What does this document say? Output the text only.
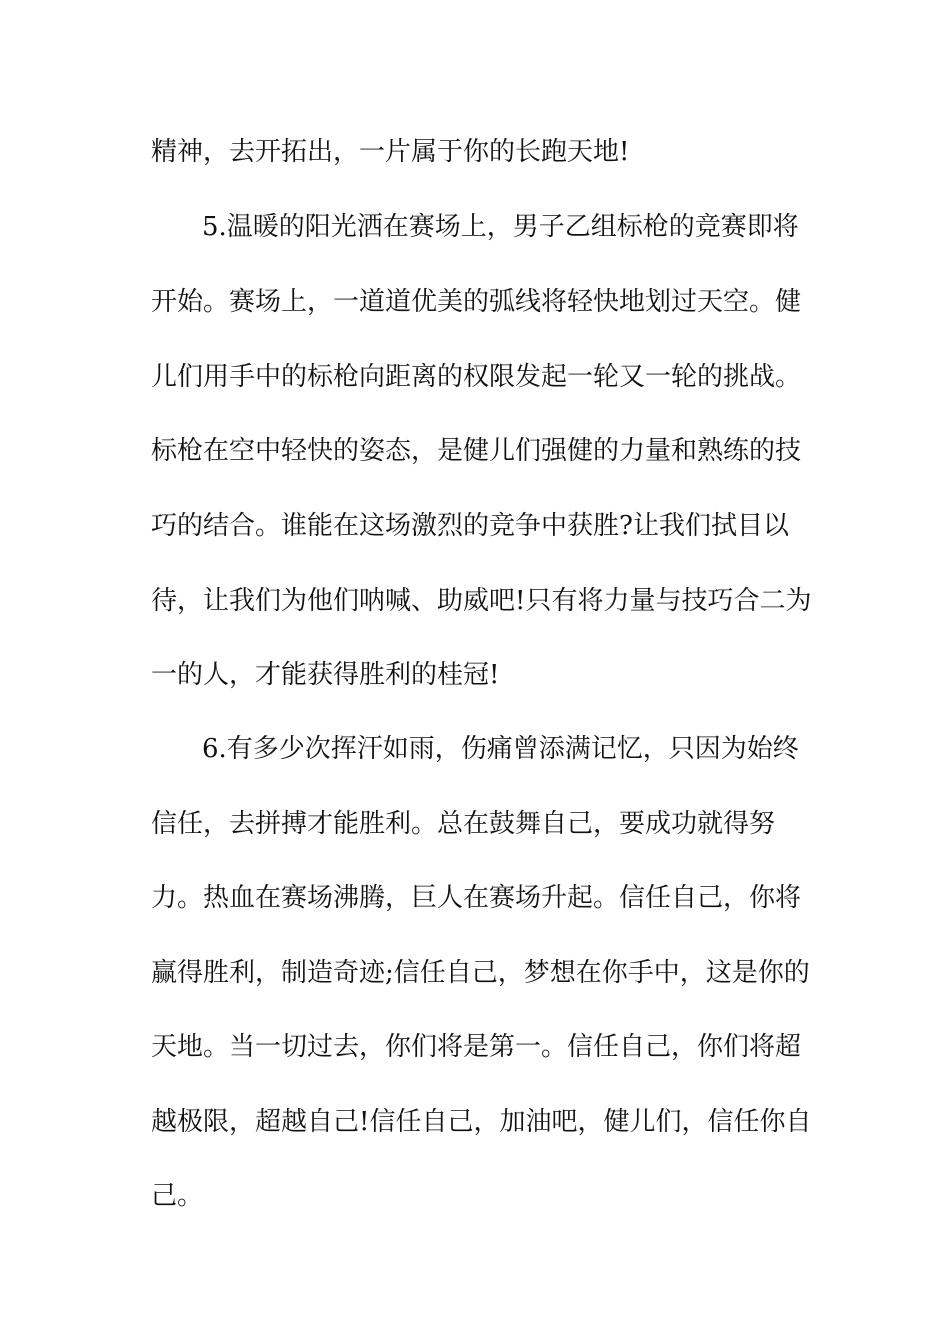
精神，去开拓出，一片属于你的长跑天地!
5.温暖的阳光洒在赛场上，男子乙组标枪的竞赛即将
开始。赛场上，一道道优美的弧线将轻快地划过天空。健
儿们用手中的标枪向距离的权限发起一轮又一轮的挑战。
标枪在空中轻快的姿态，是健儿们强健的力量和熟练的技
巧的结合。谁能在这场激烈的竞争中获胜?让我们拭目以
待，让我们为他们呐喊、助威吧!只有将力量与技巧合二为
一的人，才能获得胜利的桂冠!
6.有多少次挥汗如雨，伤痛曾添满记忆，只因为始终
信任，去拼搏才能胜利。总在鼓舞自己，要成功就得努
力。热血在赛场沸腾，巨人在赛场升起。信任自己，你将
赢得胜利，制造奇迹;信任自己，梦想在你手中，这是你的
天地。当一切过去，你们将是第一。信任自己，你们将超
越极限，超越自己!信任自己，加油吧，健儿们，信任你自
己。
